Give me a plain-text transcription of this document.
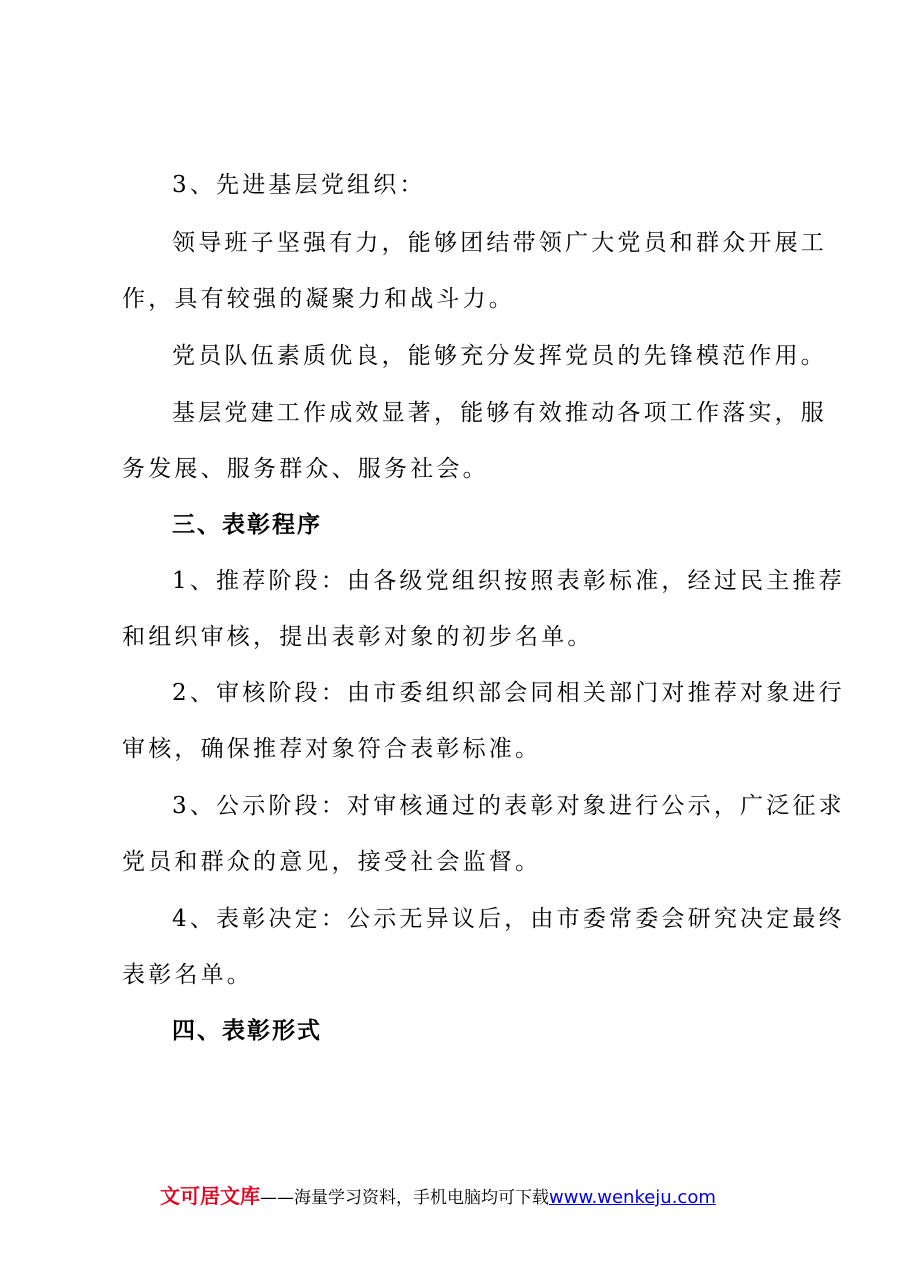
3、先进基层党组织：
领导班子坚强有力，能够团结带领广大党员和群众开展工
作，具有较强的凝聚力和战斗力。
党员队伍素质优良，能够充分发挥党员的先锋模范作用。
基层党建工作成效显著，能够有效推动各项工作落实，服
务发展、服务群众、服务社会。
三、表彰程序
1、推荐阶段：由各级党组织按照表彰标准，经过民主推荐
和组织审核，提出表彰对象的初步名单。
2、审核阶段：由市委组织部会同相关部门对推荐对象进行
审核，确保推荐对象符合表彰标准。
3、公示阶段：对审核通过的表彰对象进行公示，广泛征求
党员和群众的意见，接受社会监督。
4、表彰决定：公示无异议后，由市委常委会研究决定最终
表彰名单。
四、表彰形式
文可居文库——海量学习资料，手机电脑均可下载www.wenkeju.com
